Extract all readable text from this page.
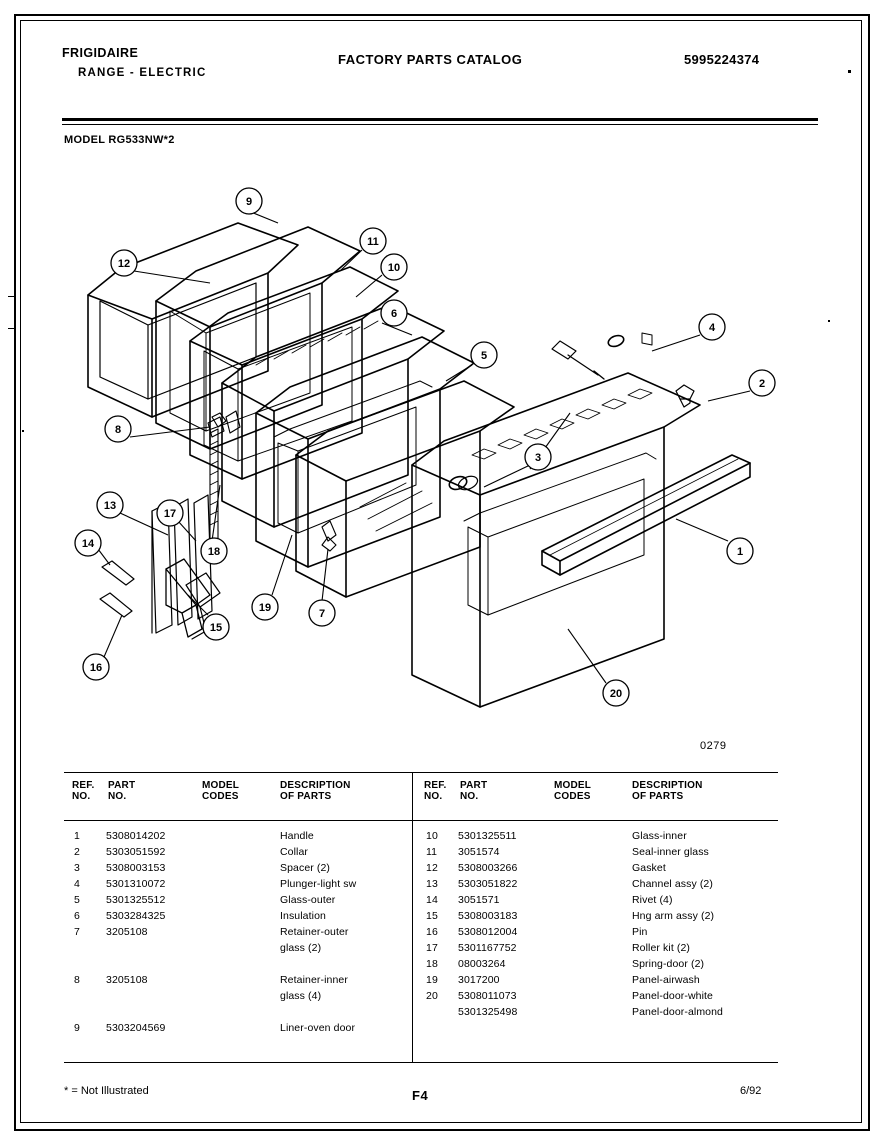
FRIGIDAIRE
RANGE - ELECTRIC
FACTORY PARTS CATALOG	5995224374
MODEL RG533NW*2
9
11
10
12
6
5
4
2
3
1
8
13
14
16
17
18
15
19	7
20
0279
REF.
NO.
PART
NO.
MODEL
CODES
DESCRIPTION
OF PARTS
1 5308014202	Handle
2 5303051592	Collar
3 5308003153	Spacer (2)
4 5301310072	Plunger-light sw
5 5301325512	Glass-outer
6 5303284325	Insulation
7 3205108	Retainer-outer
glass (2)
8 3205108	Retainer-inner
glass (4)
9 5303204569	Liner-oven door
REF.
NO.
PART
NO.
MODEL
CODES
DESCRIPTION
OF PARTS
10 5301325511	Glass-inner
11 3051574	Seal-inner glass
12 5308003266	Gasket
13 5303051822	Channel assy (2)
14 3051571	Rivet (4)
15 5308003183	Hng arm assy (2)
16 5308012004	Pin
17 5301167752	Roller kit (2)
18 08003264	Spring-door (2)
19 3017200	Panel-airwash
20 5308011073	Panel-door-white
5301325498	Panel-door-almond
* = Not Illustrated	F4	6/92
